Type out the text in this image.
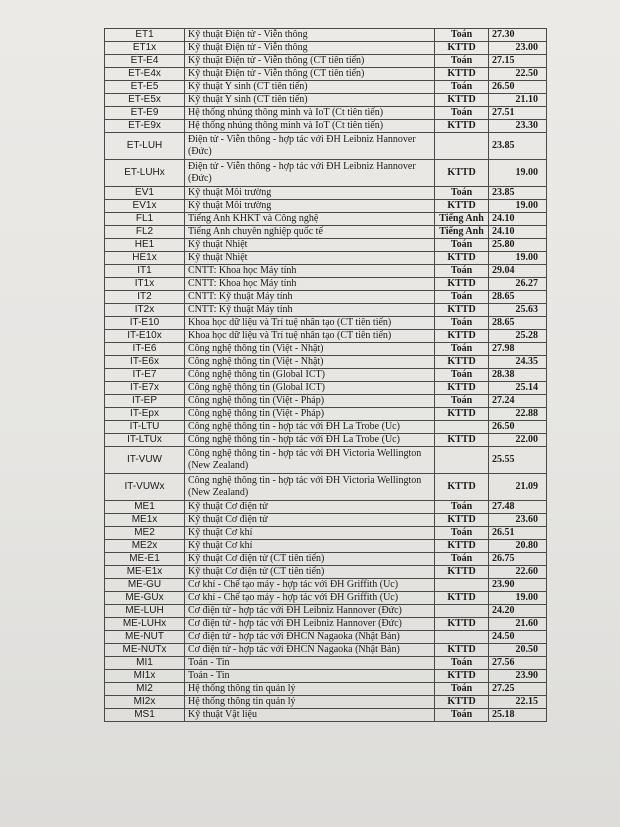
ET1	Kỹ thuật Điện tử - Viễn thông	Toán	27.30
ET1x	Kỹ thuật Điện tử - Viễn thông	KTTD	23.00
ET-E4	Kỹ thuật Điện tử - Viễn thông (CT tiên tiến)	Toán	27.15
ET-E4x	Kỹ thuật Điện tử - Viễn thông (CT tiên tiến)	KTTD	22.50
ET-E5	Kỹ thuật Y sinh (CT tiên tiến)	Toán	26.50
ET-E5x	Kỹ thuật Y sinh (CT tiên tiến)	KTTD	21.10
ET-E9	Hệ thống nhúng thông minh và IoT (Ct tiên tiến)	Toán	27.51
ET-E9x	Hệ thống nhúng thông minh và IoT (Ct tiên tiến)	KTTD	23.30
ET-LUH	Điện tử - Viễn thông - hợp tác với ĐH Leibniz Hannover (Đức)		23.85
ET-LUHx	Điện tử - Viễn thông - hợp tác với ĐH Leibniz Hannover (Đức)	KTTD	19.00
EV1	Kỹ thuật Môi trường	Toán	23.85
EV1x	Kỹ thuật Môi trường	KTTD	19.00
FL1	Tiếng Anh KHKT và Công nghệ	Tiếng Anh	24.10
FL2	Tiếng Anh chuyên nghiệp quốc tế	Tiếng Anh	24.10
HE1	Kỹ thuật Nhiệt	Toán	25.80
HE1x	Kỹ thuật Nhiệt	KTTD	19.00
IT1	CNTT: Khoa học Máy tính	Toán	29.04
IT1x	CNTT: Khoa học Máy tính	KTTD	26.27
IT2	CNTT: Kỹ thuật Máy tính	Toán	28.65
IT2x	CNTT: Kỹ thuật Máy tính	KTTD	25.63
IT-E10	Khoa học dữ liệu và Trí tuệ nhân tạo (CT tiên tiến)	Toán	28.65
IT-E10x	Khoa học dữ liệu và Trí tuệ nhân tạo (CT tiên tiến)	KTTD	25.28
IT-E6	Công nghệ thông tin (Việt - Nhật)	Toán	27.98
IT-E6x	Công nghệ thông tin (Việt - Nhật)	KTTD	24.35
IT-E7	Công nghệ thông tin (Global ICT)	Toán	28.38
IT-E7x	Công nghệ thông tin (Global ICT)	KTTD	25.14
IT-EP	Công nghệ thông tin (Việt - Pháp)	Toán	27.24
IT-Epx	Công nghệ thông tin (Việt - Pháp)	KTTD	22.88
IT-LTU	Công nghệ thông tin - hợp tác với ĐH La Trobe (Úc)		26.50
IT-LTUx	Công nghệ thông tin - hợp tác với ĐH La Trobe (Úc)	KTTD	22.00
IT-VUW	Công nghệ thông tin - hợp tác với ĐH Victoria Wellington (New Zealand)		25.55
IT-VUWx	Công nghệ thông tin - hợp tác với ĐH Victoria Wellington (New Zealand)	KTTD	21.09
ME1	Kỹ thuật Cơ điện tử	Toán	27.48
ME1x	Kỹ thuật Cơ điện tử	KTTD	23.60
ME2	Kỹ thuật Cơ khí	Toán	26.51
ME2x	Kỹ thuật Cơ khí	KTTD	20.80
ME-E1	Kỹ thuật Cơ điện tử (CT tiên tiến)	Toán	26.75
ME-E1x	Kỹ thuật Cơ điện tử (CT tiên tiến)	KTTD	22.60
ME-GU	Cơ khí - Chế tạo máy - hợp tác với ĐH Griffith (Úc)		23.90
ME-GUx	Cơ khí - Chế tạo máy - hợp tác với ĐH Griffith (Úc)	KTTD	19.00
ME-LUH	Cơ điện tử - hợp tác với ĐH Leibniz Hannover (Đức)		24.20
ME-LUHx	Cơ điện tử - hợp tác với ĐH Leibniz Hannover (Đức)	KTTD	21.60
ME-NUT	Cơ điện tử - hợp tác với ĐHCN Nagaoka (Nhật Bản)		24.50
ME-NUTx	Cơ điện tử - hợp tác với ĐHCN Nagaoka (Nhật Bản)	KTTD	20.50
MI1	Toán - Tin	Toán	27.56
MI1x	Toán - Tin	KTTD	23.90
MI2	Hệ thống thông tin quản lý	Toán	27.25
MI2x	Hệ thống thông tin quản lý	KTTD	22.15
MS1	Kỹ thuật Vật liệu	Toán	25.18
